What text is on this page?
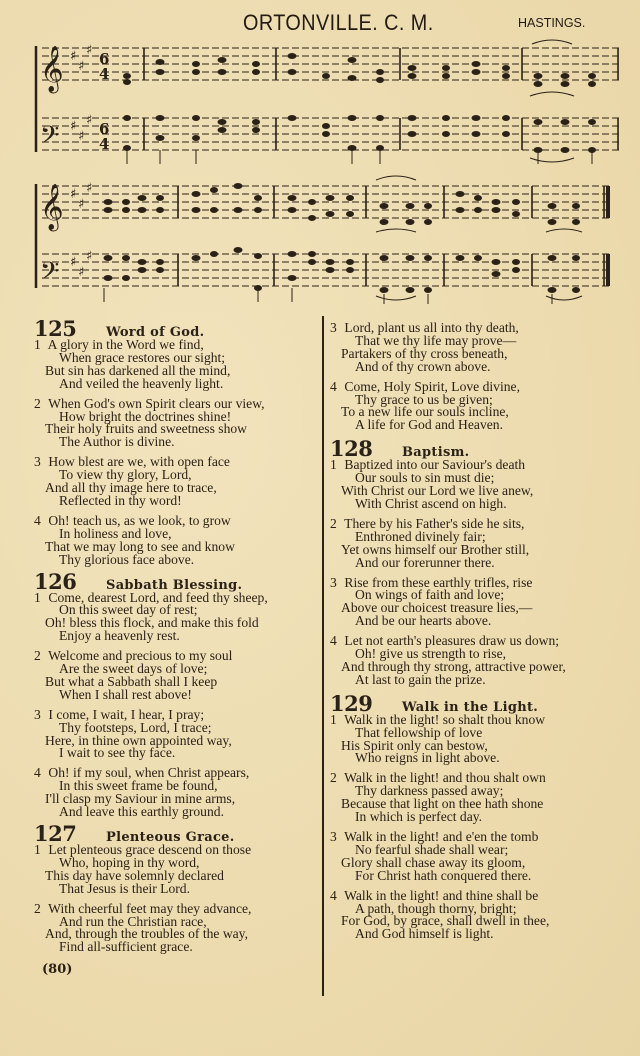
ORTONVILLE. C. M.	HASTINGS.
𝄞
𝄢
𝄞
𝄢
♯
♯
♯
♯
♯
♯
♯
♯
♯
♯
♯
♯
6
4
6
4
125	Word of God.
1 A glory in the Word we find,
When grace restores our sight;
But sin has darkened all the mind,
And veiled the heavenly light.
2 When God's own Spirit clears our view,
How bright the doctrines shine!
Their holy fruits and sweetness show
The Author is divine.
3 How blest are we, with open face
To view thy glory, Lord,
And all thy image here to trace,
Reflected in thy word!
4 Oh! teach us, as we look, to grow
In holiness and love,
That we may long to see and know
Thy glorious face above.
126	Sabbath Blessing.
1 Come, dearest Lord, and feed thy sheep,
On this sweet day of rest;
Oh! bless this flock, and make this fold
Enjoy a heavenly rest.
2 Welcome and precious to my soul
Are the sweet days of love;
But what a Sabbath shall I keep
When I shall rest above!
3 I come, I wait, I hear, I pray;
Thy footsteps, Lord, I trace;
Here, in thine own appointed way,
I wait to see thy face.
4 Oh! if my soul, when Christ appears,
In this sweet frame be found,
I'll clasp my Saviour in mine arms,
And leave this earthly ground.
127	Plenteous Grace.
1 Let plenteous grace descend on those
Who, hoping in thy word,
This day have solemnly declared
That Jesus is their Lord.
2 With cheerful feet may they advance,
And run the Christian race,
And, through the troubles of the way,
Find all-sufficient grace.
3 Lord, plant us all into thy death,
That we thy life may prove—
Partakers of thy cross beneath,
And of thy crown above.
4 Come, Holy Spirit, Love divine,
Thy grace to us be given;
To a new life our souls incline,
A life for God and Heaven.
128	Baptism.
1 Baptized into our Saviour's death
Our souls to sin must die;
With Christ our Lord we live anew,
With Christ ascend on high.
2 There by his Father's side he sits,
Enthroned divinely fair;
Yet owns himself our Brother still,
And our forerunner there.
3 Rise from these earthly trifles, rise
On wings of faith and love;
Above our choicest treasure lies,—
And be our hearts above.
4 Let not earth's pleasures draw us down;
Oh! give us strength to rise,
And through thy strong, attractive power,
At last to gain the prize.
129	Walk in the Light.
1 Walk in the light! so shalt thou know
That fellowship of love
His Spirit only can bestow,
Who reigns in light above.
2 Walk in the light! and thou shalt own
Thy darkness passed away;
Because that light on thee hath shone
In which is perfect day.
3 Walk in the light! and e'en the tomb
No fearful shade shall wear;
Glory shall chase away its gloom,
For Christ hath conquered there.
4 Walk in the light! and thine shall be
A path, though thorny, bright;
For God, by grace, shall dwell in thee,
And God himself is light.
(80)
